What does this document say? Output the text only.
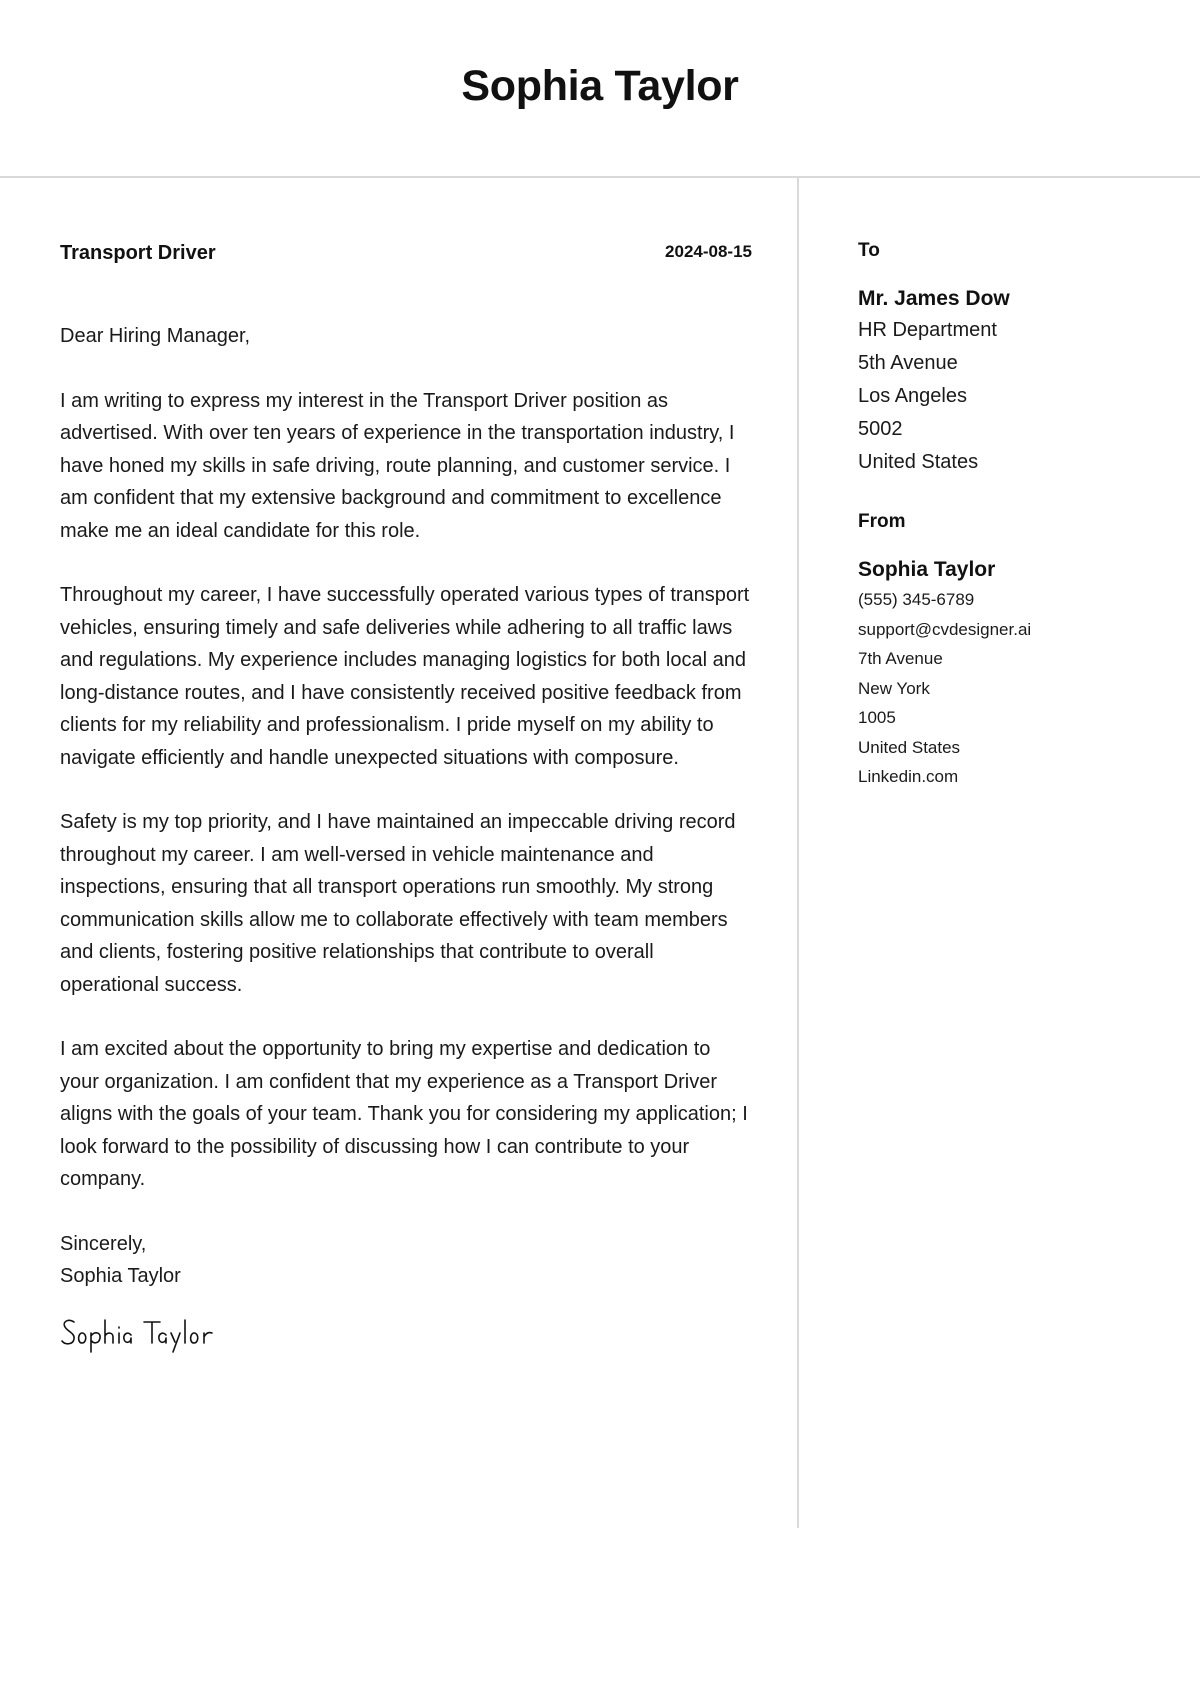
Sophia Taylor
Transport Driver	2024-08-15

Dear Hiring Manager,

I am writing to express my interest in the Transport Driver position as advertised. With over ten years of experience in the transportation industry, I have honed my skills in safe driving, route planning, and customer service. I am confident that my extensive background and commitment to excellence make me an ideal candidate for this role.

Throughout my career, I have successfully operated various types of transport vehicles, ensuring timely and safe deliveries while adhering to all traffic laws and regulations. My experience includes managing logistics for both local and long-distance routes, and I have consistently received positive feedback from clients for my reliability and professionalism. I pride myself on my ability to navigate efficiently and handle unexpected situations with composure.

Safety is my top priority, and I have maintained an impeccable driving record throughout my career. I am well-versed in vehicle maintenance and inspections, ensuring that all transport operations run smoothly. My strong communication skills allow me to collaborate effectively with team members and clients, fostering positive relationships that contribute to overall operational success.

I am excited about the opportunity to bring my expertise and dedication to your organization. I am confident that my experience as a Transport Driver aligns with the goals of your team. Thank you for considering my application; I look forward to the possibility of discussing how I can contribute to your company.

Sincerely,
Sophia Taylor
To
Mr. James Dow
HR Department
5th Avenue
Los Angeles
5002
United States
From
Sophia Taylor
(555) 345-6789
support@cvdesigner.ai
7th Avenue
New York
1005
United States
Linkedin.com
